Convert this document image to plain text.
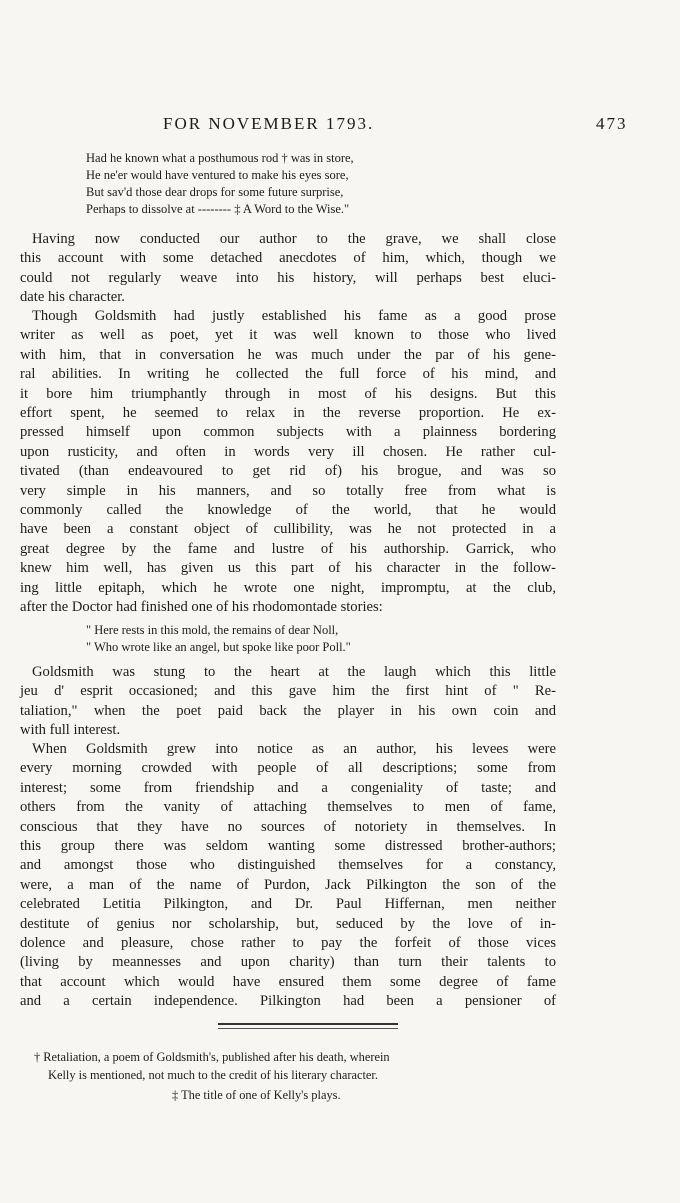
FOR NOVEMBER 1793.	473
Had he known what a posthumous rod † was in store,
He ne'er would have ventured to make his eyes sore,
But sav'd those dear drops for some future surprise,
Perhaps to dissolve at -------- ‡ A Word to the Wise."

Having now conducted our author to the grave, we shall close

this account with some detached anecdotes of him, which, though we

could not regularly weave into his history, will perhaps best eluci-

date his character.

Though Goldsmith had justly established his fame as a good prose

writer as well as poet, yet it was well known to those who lived

with him, that in conversation he was much under the par of his gene-

ral abilities. In writing he collected the full force of his mind, and

it bore him triumphantly through in most of his designs. But this

effort spent, he seemed to relax in the reverse proportion. He ex-

pressed himself upon common subjects with a plainness bordering

upon rusticity, and often in words very ill chosen. He rather cul-

tivated (than endeavoured to get rid of) his brogue, and was so

very simple in his manners, and so totally free from what is

commonly called the knowledge of the world, that he would

have been a constant object of cullibility, was he not protected in a

great degree by the fame and lustre of his authorship. Garrick, who

knew him well, has given us this part of his character in the follow-

ing little epitaph, which he wrote one night, impromptu, at the club,

after the Doctor had finished one of his rhodomontade stories:

" Here rests in this mold, the remains of dear Noll,
" Who wrote like an angel, but spoke like poor Poll."

Goldsmith was stung to the heart at the laugh which this little

jeu d' esprit occasioned; and this gave him the first hint of " Re-

taliation," when the poet paid back the player in his own coin and

with full interest.

When Goldsmith grew into notice as an author, his levees were

every morning crowded with people of all descriptions; some from

interest; some from friendship and a congeniality of taste; and

others from the vanity of attaching themselves to men of fame,

conscious that they have no sources of notoriety in themselves. In

this group there was seldom wanting some distressed brother-authors;

and amongst those who distinguished themselves for a constancy,

were, a man of the name of Purdon, Jack Pilkington the son of the

celebrated Letitia Pilkington, and Dr. Paul Hiffernan, men neither

destitute of genius nor scholarship, but, seduced by the love of in-

dolence and pleasure, chose rather to pay the forfeit of those vices

(living by meannesses and upon charity) than turn their talents to

that account which would have ensured them some degree of fame

and a certain independence. Pilkington had been a pensioner of

† Retaliation, a poem of Goldsmith's, published after his death, wherein
Kelly is mentioned, not much to the credit of his literary character.
‡ The title of one of Kelly's plays.
